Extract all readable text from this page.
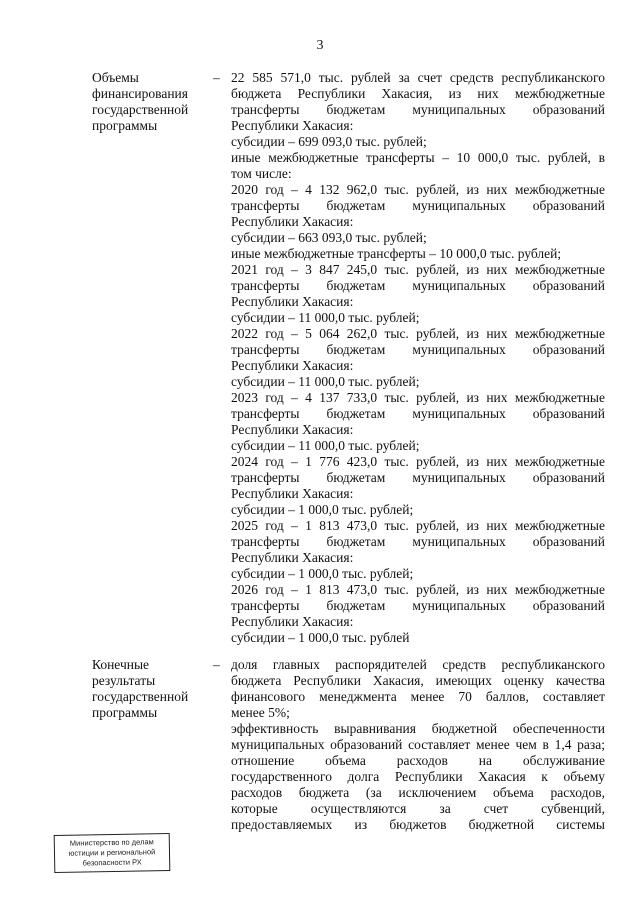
3
Объемы
финансирования
государственной
программы
– 22 585 571,0 тыс. рублей за счет средств республиканского
бюджета Республики Хакасия, из них межбюджетные
трансферты бюджетам муниципальных образований
Республики Хакасия:
субсидии – 699 093,0 тыс. рублей;
иные межбюджетные трансферты – 10 000,0 тыс. рублей, в
том числе:
2020 год – 4 132 962,0 тыс. рублей, из них межбюджетные
трансферты бюджетам муниципальных образований
Республики Хакасия:
субсидии – 663 093,0 тыс. рублей;
иные межбюджетные трансферты – 10 000,0 тыс. рублей;
2021 год – 3 847 245,0 тыс. рублей, из них межбюджетные
трансферты бюджетам муниципальных образований
Республики Хакасия:
субсидии – 11 000,0 тыс. рублей;
2022 год – 5 064 262,0 тыс. рублей, из них межбюджетные
трансферты бюджетам муниципальных образований
Республики Хакасия:
субсидии – 11 000,0 тыс. рублей;
2023 год – 4 137 733,0 тыс. рублей, из них межбюджетные
трансферты бюджетам муниципальных образований
Республики Хакасия:
субсидии – 11 000,0 тыс. рублей;
2024 год – 1 776 423,0 тыс. рублей, из них межбюджетные
трансферты бюджетам муниципальных образований
Республики Хакасия:
субсидии – 1 000,0 тыс. рублей;
2025 год – 1 813 473,0 тыс. рублей, из них межбюджетные
трансферты бюджетам муниципальных образований
Республики Хакасия:
субсидии – 1 000,0 тыс. рублей;
2026 год – 1 813 473,0 тыс. рублей, из них межбюджетные
трансферты бюджетам муниципальных образований
Республики Хакасия:
субсидии – 1 000,0 тыс. рублей
Конечные
результаты
государственной
программы
– доля главных распорядителей средств республиканского
бюджета Республики Хакасия, имеющих оценку качества
финансового менеджмента менее 70 баллов, составляет
менее 5%;
эффективность выравнивания бюджетной обеспеченности
муниципальных образований составляет менее чем в 1,4 раза;
отношение объема расходов на обслуживание
государственного долга Республики Хакасия к объему
расходов бюджета (за исключением объема расходов,
которые осуществляются за счет субвенций,
предоставляемых из бюджетов бюджетной системы
Министерство по делам
юстиции и региональной
безопасности РХ
